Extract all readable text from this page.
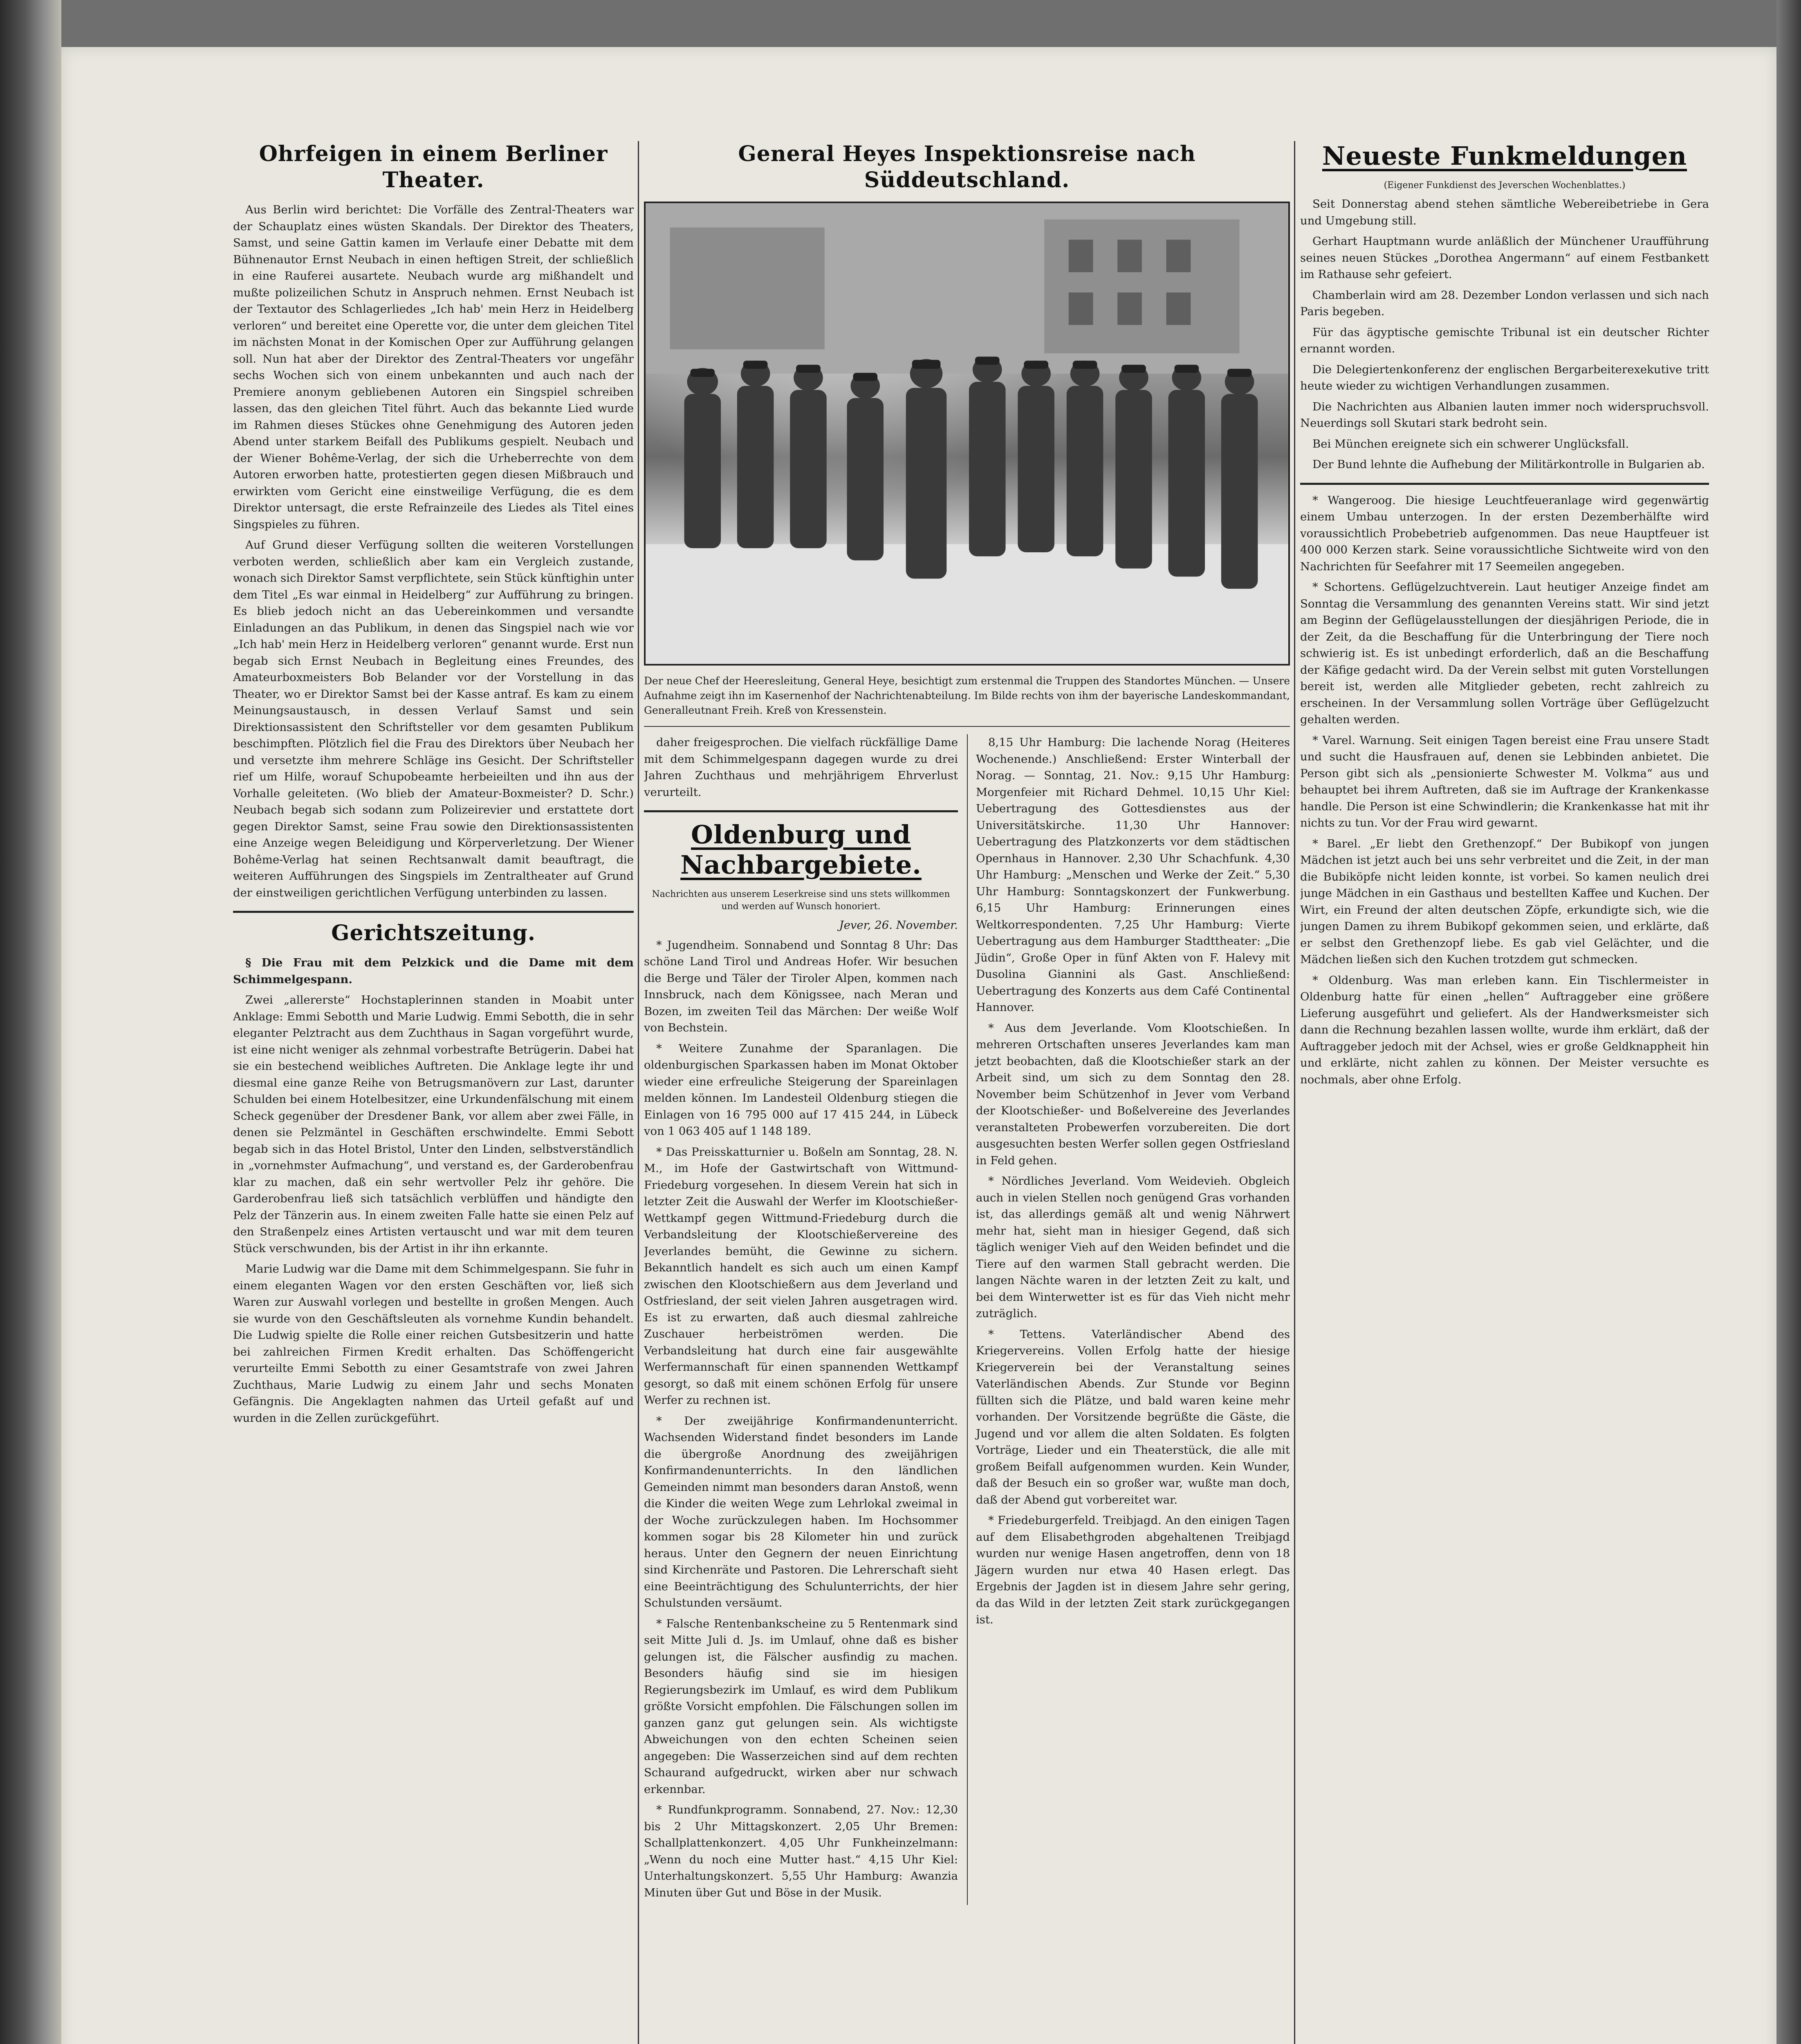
Ohrfeigen in einem Berliner Theater.

Aus Berlin wird berichtet: Die Vorfälle des Zentral-Theaters war der Schauplatz eines wüsten Skandals. Der Direktor des Theaters, Samst, und seine Gattin kamen im Verlaufe einer Debatte mit dem Bühnenautor Ernst Neubach in einen heftigen Streit, der schließlich in eine Rauferei ausartete. Neubach wurde arg mißhandelt und mußte polizeilichen Schutz in Anspruch nehmen. Ernst Neubach ist der Textautor des Schlagerliedes „Ich hab' mein Herz in Heidelberg verloren“ und bereitet eine Operette vor, die unter dem gleichen Titel im nächsten Monat in der Komischen Oper zur Aufführung gelangen soll. Nun hat aber der Direktor des Zentral-Theaters vor ungefähr sechs Wochen sich von einem unbekannten und auch nach der Premiere anonym gebliebenen Autoren ein Singspiel schreiben lassen, das den gleichen Titel führt. Auch das bekannte Lied wurde im Rahmen dieses Stückes ohne Genehmigung des Autoren jeden Abend unter starkem Beifall des Publikums gespielt. Neubach und der Wiener Bohême-Verlag, der sich die Urheberrechte von dem Autoren erworben hatte, protestierten gegen diesen Mißbrauch und erwirkten vom Gericht eine einstweilige Verfügung, die es dem Direktor untersagt, die erste Refrainzeile des Liedes als Titel eines Singspieles zu führen.

Auf Grund dieser Verfügung sollten die weiteren Vorstellungen verboten werden, schließlich aber kam ein Vergleich zustande, wonach sich Direktor Samst verpflichtete, sein Stück künftighin unter dem Titel „Es war einmal in Heidelberg“ zur Aufführung zu bringen. Es blieb jedoch nicht an das Uebereinkommen und versandte Einladungen an das Publikum, in denen das Singspiel nach wie vor „Ich hab' mein Herz in Heidelberg verloren“ genannt wurde. Erst nun begab sich Ernst Neubach in Begleitung eines Freundes, des Amateurboxmeisters Bob Belander vor der Vorstellung in das Theater, wo er Direktor Samst bei der Kasse antraf. Es kam zu einem Meinungsaustausch, in dessen Verlauf Samst und sein Direktionsassistent den Schriftsteller vor dem gesamten Publikum beschimpften. Plötzlich fiel die Frau des Direktors über Neubach her und versetzte ihm mehrere Schläge ins Gesicht. Der Schriftsteller rief um Hilfe, worauf Schupobeamte herbeieilten und ihn aus der Vorhalle geleiteten. (Wo blieb der Amateur-Boxmeister? D. Schr.) Neubach begab sich sodann zum Polizeirevier und erstattete dort gegen Direktor Samst, seine Frau sowie den Direktionsassistenten eine Anzeige wegen Beleidigung und Körperverletzung. Der Wiener Bohême-Verlag hat seinen Rechtsanwalt damit beauftragt, die weiteren Aufführungen des Singspiels im Zentraltheater auf Grund der einstweiligen gerichtlichen Verfügung unterbinden zu lassen.

Gerichtszeitung.

§ Die Frau mit dem Pelzkick und die Dame mit dem Schimmelgespann.

Zwei „allererste“ Hochstaplerinnen standen in Moabit unter Anklage: Emmi Sebotth und Marie Ludwig. Emmi Sebotth, die in sehr eleganter Pelztracht aus dem Zuchthaus in Sagan vorgeführt wurde, ist eine nicht weniger als zehnmal vorbestrafte Betrügerin. Dabei hat sie ein bestechend weibliches Auftreten. Die Anklage legte ihr und diesmal eine ganze Reihe von Betrugsmanövern zur Last, darunter Schulden bei einem Hotelbesitzer, eine Urkundenfälschung mit einem Scheck gegenüber der Dresdener Bank, vor allem aber zwei Fälle, in denen sie Pelzmäntel in Geschäften erschwindelte. Emmi Sebott begab sich in das Hotel Bristol, Unter den Linden, selbstverständlich in „vornehmster Aufmachung“, und verstand es, der Garderobenfrau klar zu machen, daß ein sehr wertvoller Pelz ihr gehöre. Die Garderobenfrau ließ sich tatsächlich verblüffen und händigte den Pelz der Tänzerin aus. In einem zweiten Falle hatte sie einen Pelz auf den Straßenpelz eines Artisten vertauscht und war mit dem teuren Stück verschwunden, bis der Artist in ihr ihn erkannte.

Marie Ludwig war die Dame mit dem Schimmelgespann. Sie fuhr in einem eleganten Wagen vor den ersten Geschäften vor, ließ sich Waren zur Auswahl vorlegen und bestellte in großen Mengen. Auch sie wurde von den Geschäftsleuten als vornehme Kundin behandelt. Die Ludwig spielte die Rolle einer reichen Gutsbesitzerin und hatte bei zahlreichen Firmen Kredit erhalten. Das Schöffengericht verurteilte Emmi Sebotth zu einer Gesamtstrafe von zwei Jahren Zuchthaus, Marie Ludwig zu einem Jahr und sechs Monaten Gefängnis. Die Angeklagten nahmen das Urteil gefaßt auf und wurden in die Zellen zurückgeführt.

General Heyes Inspektionsreise nach Süddeutschland.

Der neue Chef der Heeresleitung, General Heye, besichtigt zum erstenmal die Truppen des Standortes München. — Unsere Aufnahme zeigt ihn im Kasernenhof der Nachrichtenabteilung. Im Bilde rechts von ihm der bayerische Landeskommandant, Generalleutnant Freih. Kreß von Kressenstein.

daher freigesprochen. Die vielfach rückfällige Dame mit dem Schimmelgespann dagegen wurde zu drei Jahren Zuchthaus und mehrjährigem Ehrverlust verurteilt.

Oldenburg und Nachbargebiete.

Nachrichten aus unserem Leserkreise sind uns stets willkommen und werden auf Wunsch honoriert.

Jever, 26. November.

* Jugendheim. Sonnabend und Sonntag 8 Uhr: Das schöne Land Tirol und Andreas Hofer. Wir besuchen die Berge und Täler der Tiroler Alpen, kommen nach Innsbruck, nach dem Königssee, nach Meran und Bozen, im zweiten Teil das Märchen: Der weiße Wolf von Bechstein.

* Weitere Zunahme der Sparanlagen. Die oldenburgischen Sparkassen haben im Monat Oktober wieder eine erfreuliche Steigerung der Spareinlagen melden können. Im Landesteil Oldenburg stiegen die Einlagen von 16 795 000 auf 17 415 244, in Lübeck von 1 063 405 auf 1 148 189.

* Das Preisskatturnier u. Boßeln am Sonntag, 28. N. M., im Hofe der Gastwirtschaft von Wittmund-Friedeburg vorgesehen. In diesem Verein hat sich in letzter Zeit die Auswahl der Werfer im Klootschießer-Wettkampf gegen Wittmund-Friedeburg durch die Verbandsleitung der Klootschießervereine des Jeverlandes bemüht, die Gewinne zu sichern. Bekanntlich handelt es sich auch um einen Kampf zwischen den Klootschießern aus dem Jeverland und Ostfriesland, der seit vielen Jahren ausgetragen wird. Es ist zu erwarten, daß auch diesmal zahlreiche Zuschauer herbeiströmen werden. Die Verbandsleitung hat durch eine fair ausgewählte Werfermannschaft für einen spannenden Wettkampf gesorgt, so daß mit einem schönen Erfolg für unsere Werfer zu rechnen ist.

* Der zweijährige Konfirmandenunterricht. Wachsenden Widerstand findet besonders im Lande die übergroße Anordnung des zweijährigen Konfirmandenunterrichts. In den ländlichen Gemeinden nimmt man besonders daran Anstoß, wenn die Kinder die weiten Wege zum Lehrlokal zweimal in der Woche zurückzulegen haben. Im Hochsommer kommen sogar bis 28 Kilometer hin und zurück heraus. Unter den Gegnern der neuen Einrichtung sind Kirchenräte und Pastoren. Die Lehrerschaft sieht eine Beeinträchtigung des Schulunterrichts, der hier Schulstunden versäumt.

* Falsche Rentenbankscheine zu 5 Rentenmark sind seit Mitte Juli d. Js. im Umlauf, ohne daß es bisher gelungen ist, die Fälscher ausfindig zu machen. Besonders häufig sind sie im hiesigen Regierungsbezirk im Umlauf, es wird dem Publikum größte Vorsicht empfohlen. Die Fälschungen sollen im ganzen ganz gut gelungen sein. Als wichtigste Abweichungen von den echten Scheinen seien angegeben: Die Wasserzeichen sind auf dem rechten Schaurand aufgedruckt, wirken aber nur schwach erkennbar.

* Rundfunkprogramm. Sonnabend, 27. Nov.: 12,30 bis 2 Uhr Mittagskonzert. 2,05 Uhr Bremen: Schallplattenkonzert. 4,05 Uhr Funkheinzelmann: „Wenn du noch eine Mutter hast.“ 4,15 Uhr Kiel: Unterhaltungskonzert. 5,55 Uhr Hamburg: Awanzia Minuten über Gut und Böse in der Musik.

8,15 Uhr Hamburg: Die lachende Norag (Heiteres Wochenende.) Anschließend: Erster Winterball der Norag. — Sonntag, 21. Nov.: 9,15 Uhr Hamburg: Morgenfeier mit Richard Dehmel. 10,15 Uhr Kiel: Uebertragung des Gottesdienstes aus der Universitätskirche. 11,30 Uhr Hannover: Uebertragung des Platzkonzerts vor dem städtischen Opernhaus in Hannover. 2,30 Uhr Schachfunk. 4,30 Uhr Hamburg: „Menschen und Werke der Zeit.“ 5,30 Uhr Hamburg: Sonntagskonzert der Funkwerbung. 6,15 Uhr Hamburg: Erinnerungen eines Weltkorrespondenten. 7,25 Uhr Hamburg: Vierte Uebertragung aus dem Hamburger Stadttheater: „Die Jüdin“, Große Oper in fünf Akten von F. Halevy mit Dusolina Giannini als Gast. Anschließend: Uebertragung des Konzerts aus dem Café Continental Hannover.

* Aus dem Jeverlande. Vom Klootschießen. In mehreren Ortschaften unseres Jeverlandes kam man jetzt beobachten, daß die Klootschießer stark an der Arbeit sind, um sich zu dem Sonntag den 28. November beim Schützenhof in Jever vom Verband der Klootschießer- und Boßelvereine des Jeverlandes veranstalteten Probewerfen vorzubereiten. Die dort ausgesuchten besten Werfer sollen gegen Ostfriesland in Feld gehen.

* Nördliches Jeverland. Vom Weidevieh. Obgleich auch in vielen Stellen noch genügend Gras vorhanden ist, das allerdings gemäß alt und wenig Nährwert mehr hat, sieht man in hiesiger Gegend, daß sich täglich weniger Vieh auf den Weiden befindet und die Tiere auf den warmen Stall gebracht werden. Die langen Nächte waren in der letzten Zeit zu kalt, und bei dem Winterwetter ist es für das Vieh nicht mehr zuträglich.

* Tettens. Vaterländischer Abend des Kriegervereins. Vollen Erfolg hatte der hiesige Kriegerverein bei der Veranstaltung seines Vaterländischen Abends. Zur Stunde vor Beginn füllten sich die Plätze, und bald waren keine mehr vorhanden. Der Vorsitzende begrüßte die Gäste, die Jugend und vor allem die alten Soldaten. Es folgten Vorträge, Lieder und ein Theaterstück, die alle mit großem Beifall aufgenommen wurden. Kein Wunder, daß der Besuch ein so großer war, wußte man doch, daß der Abend gut vorbereitet war.

* Friedeburgerfeld. Treibjagd. An den einigen Tagen auf dem Elisabethgroden abgehaltenen Treibjagd wurden nur wenige Hasen angetroffen, denn von 18 Jägern wurden nur etwa 40 Hasen erlegt. Das Ergebnis der Jagden ist in diesem Jahre sehr gering, da das Wild in der letzten Zeit stark zurückgegangen ist.

Neueste Funkmeldungen

(Eigener Funkdienst des Jeverschen Wochenblattes.)

Seit Donnerstag abend stehen sämtliche Webereibetriebe in Gera und Umgebung still.

Gerhart Hauptmann wurde anläßlich der Münchener Uraufführung seines neuen Stückes „Dorothea Angermann“ auf einem Festbankett im Rathause sehr gefeiert.

Chamberlain wird am 28. Dezember London verlassen und sich nach Paris begeben.

Für das ägyptische gemischte Tribunal ist ein deutscher Richter ernannt worden.

Die Delegiertenkonferenz der englischen Bergarbeiterexekutive tritt heute wieder zu wichtigen Verhandlungen zusammen.

Die Nachrichten aus Albanien lauten immer noch widerspruchsvoll. Neuerdings soll Skutari stark bedroht sein.

Bei München ereignete sich ein schwerer Unglücksfall.

Der Bund lehnte die Aufhebung der Militärkontrolle in Bulgarien ab.

* Wangeroog. Die hiesige Leuchtfeueranlage wird gegenwärtig einem Umbau unterzogen. In der ersten Dezemberhälfte wird voraussichtlich Probebetrieb aufgenommen. Das neue Hauptfeuer ist 400 000 Kerzen stark. Seine voraussichtliche Sichtweite wird von den Nachrichten für Seefahrer mit 17 Seemeilen angegeben.

* Schortens. Geflügelzuchtverein. Laut heutiger Anzeige findet am Sonntag die Versammlung des genannten Vereins statt. Wir sind jetzt am Beginn der Geflügelausstellungen der diesjährigen Periode, die in der Zeit, da die Beschaffung für die Unterbringung der Tiere noch schwierig ist. Es ist unbedingt erforderlich, daß an die Beschaffung der Käfige gedacht wird. Da der Verein selbst mit guten Vorstellungen bereit ist, werden alle Mitglieder gebeten, recht zahlreich zu erscheinen. In der Versammlung sollen Vorträge über Geflügelzucht gehalten werden.

* Varel. Warnung. Seit einigen Tagen bereist eine Frau unsere Stadt und sucht die Hausfrauen auf, denen sie Lebbinden anbietet. Die Person gibt sich als „pensionierte Schwester M. Volkma“ aus und behauptet bei ihrem Auftreten, daß sie im Auftrage der Krankenkasse handle. Die Person ist eine Schwindlerin; die Krankenkasse hat mit ihr nichts zu tun. Vor der Frau wird gewarnt.

* Barel. „Er liebt den Grethenzopf.“ Der Bubikopf von jungen Mädchen ist jetzt auch bei uns sehr verbreitet und die Zeit, in der man die Bubiköpfe nicht leiden konnte, ist vorbei. So kamen neulich drei junge Mädchen in ein Gasthaus und bestellten Kaffee und Kuchen. Der Wirt, ein Freund der alten deutschen Zöpfe, erkundigte sich, wie die jungen Damen zu ihrem Bubikopf gekommen seien, und erklärte, daß er selbst den Grethenzopf liebe. Es gab viel Gelächter, und die Mädchen ließen sich den Kuchen trotzdem gut schmecken.

* Oldenburg. Was man erleben kann. Ein Tischlermeister in Oldenburg hatte für einen „hellen“ Auftraggeber eine größere Lieferung ausgeführt und geliefert. Als der Handwerksmeister sich dann die Rechnung bezahlen lassen wollte, wurde ihm erklärt, daß der Auftraggeber jedoch mit der Achsel, wies er große Geldknappheit hin und erklärte, nicht zahlen zu können. Der Meister versuchte es nochmals, aber ohne Erfolg.
